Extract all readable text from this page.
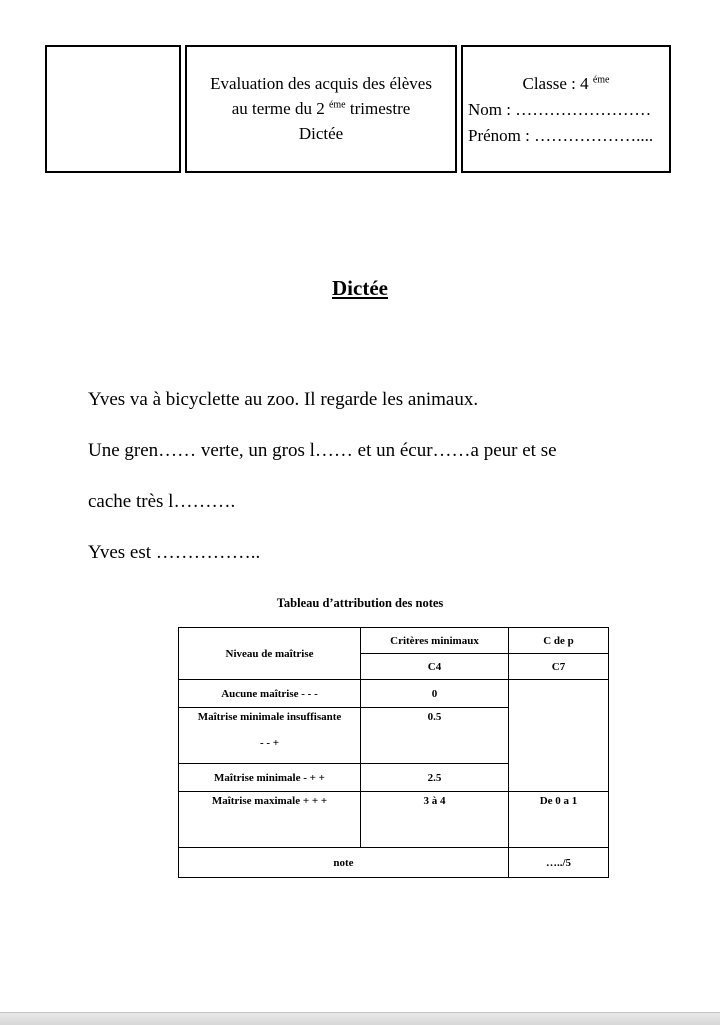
Evaluation des acquis des élèves
au terme du 2 $^{éme}$ trimestre
Dictée
Classe : 4 $^{éme}$
Nom : ……………………
Prénom : ………………....
Dictée

Yves va à bicyclette au zoo. Il regarde les animaux.

Une gren…… verte, un gros l…… et un écur……a peur et se

cache très l……….

Yves est ……………..

Tableau d’attribution des notes
Niveau de maîtrise	Critères minimaux	C de p
	C4	C7
Aucune maîtrise - - -	0	

Maîtrise minimale insuffisante
- - +	0.5	
Maîtrise minimale - + +	2.5	
Maîtrise maximale + + +	3 à 4	De 0 a 1
note		…../5
